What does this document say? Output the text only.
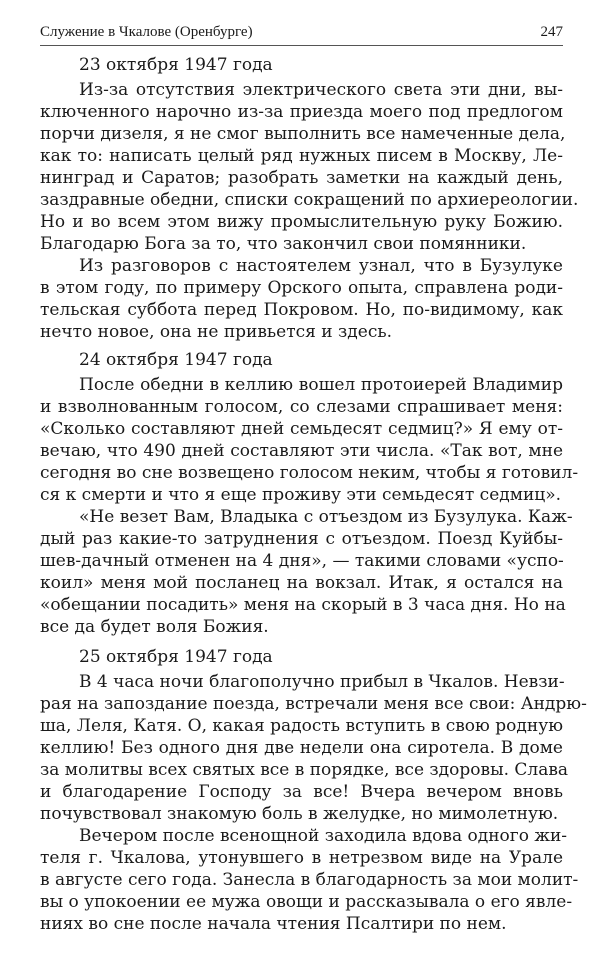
Служение в Чкалове (Оренбурге)	247
23 октября 1947 года
Из-за отсутствия электрического света эти дни, вы-
ключенного нарочно из-за приезда моего под предлогом
порчи дизеля, я не смог выполнить все намеченные дела,
как то: написать целый ряд нужных писем в Москву, Ле-
нинград и Саратов; разобрать заметки на каждый день,
заздравные обедни, списки сокращений по архиереологии.
Но и во всем этом вижу промыслительную руку Божию.
Благодарю Бога за то, что закончил свои помянники.
Из разговоров с настоятелем узнал, что в Бузулуке
в этом году, по примеру Орского опыта, справлена роди-
тельская суббота перед Покровом. Но, по-видимому, как
нечто новое, она не привьется и здесь.
24 октября 1947 года
После обедни в келлию вошел протоиерей Владимир
и взволнованным голосом, со слезами спрашивает меня:
«Сколько составляют дней семьдесят седмиц?» Я ему от-
вечаю, что 490 дней составляют эти числа. «Так вот, мне
сегодня во сне возвещено голосом неким, чтобы я готовил-
ся к смерти и что я еще проживу эти семьдесят седмиц».
«Не везет Вам, Владыка с отъездом из Бузулука. Каж-
дый раз какие-то затруднения с отъездом. Поезд Куйбы-
шев-дачный отменен на 4 дня», — такими словами «успо-
коил» меня мой посланец на вокзал. Итак, я остался на
«обещании посадить» меня на скорый в 3 часа дня. Но на
все да будет воля Божия.
25 октября 1947 года
В 4 часа ночи благополучно прибыл в Чкалов. Невзи-
рая на запоздание поезда, встречали меня все свои: Андрю-
ша, Леля, Катя. О, какая радость вступить в свою родную
келлию! Без одного дня две недели она сиротела. В доме
за молитвы всех святых все в порядке, все здоровы. Слава
и благодарение Господу за все! Вчера вечером вновь
почувствовал знакомую боль в желудке, но мимолетную.
Вечером после всенощной заходила вдова одного жи-
теля г. Чкалова, утонувшего в нетрезвом виде на Урале
в августе сего года. Занесла в благодарность за мои молит-
вы о упокоении ее мужа овощи и рассказывала о его явле-
ниях во сне после начала чтения Псалтири по нем.
